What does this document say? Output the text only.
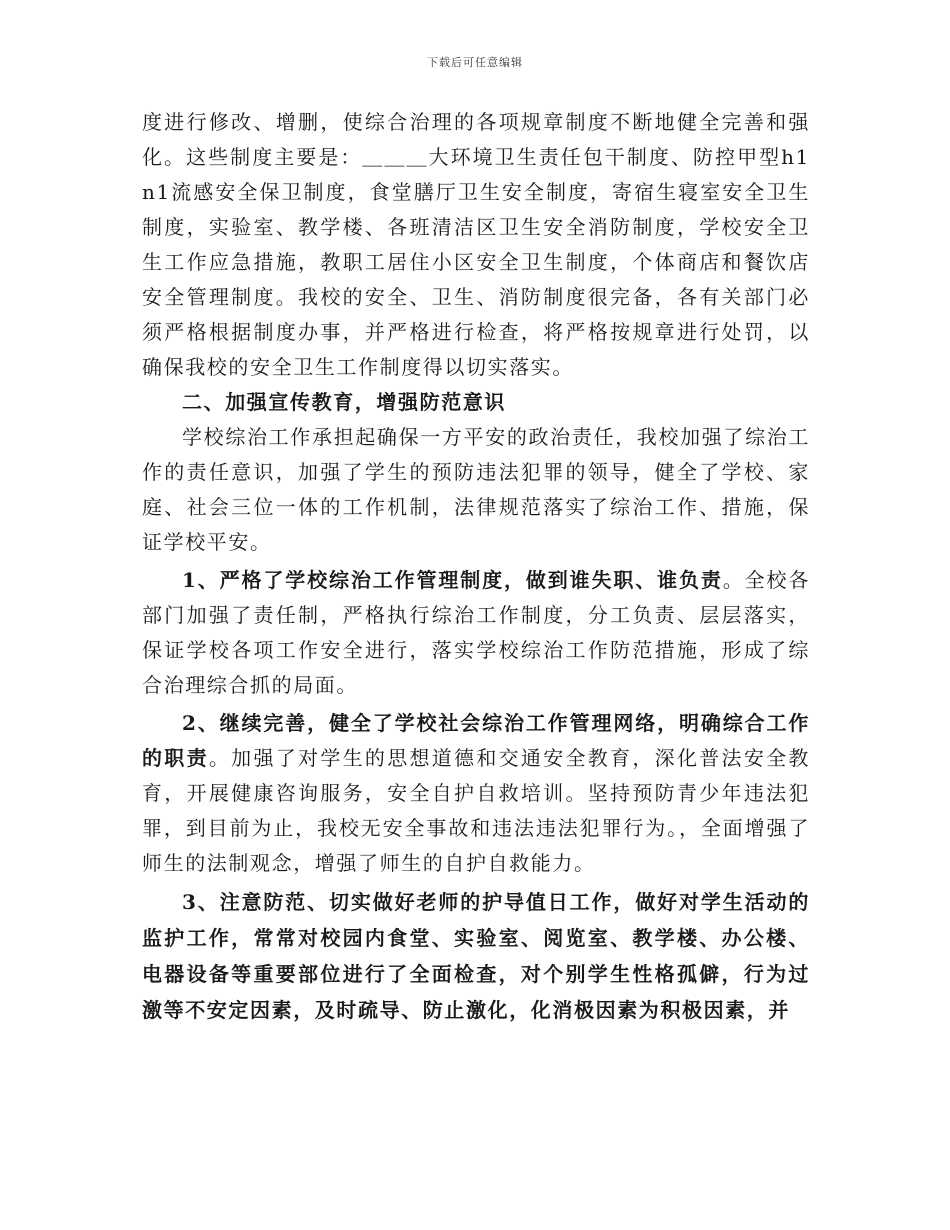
下载后可任意编辑

度进行修改、增删，使综合治理的各项规章制度不断地健全完善和强化。这些制度主要是：＿＿＿大环境卫生责任包干制度、防控甲型h1n1流感安全保卫制度，食堂膳厅卫生安全制度，寄宿生寝室安全卫生制度，实验室、教学楼、各班清洁区卫生安全消防制度，学校安全卫生工作应急措施，教职工居住小区安全卫生制度，个体商店和餐饮店安全管理制度。我校的安全、卫生、消防制度很完备，各有关部门必须严格根据制度办事，并严格进行检查，将严格按规章进行处罚，以确保我校的安全卫生工作制度得以切实落实。

二、加强宣传教育，增强防范意识

学校综治工作承担起确保一方平安的政治责任，我校加强了综治工作的责任意识，加强了学生的预防违法犯罪的领导，健全了学校、家庭、社会三位一体的工作机制，法律规范落实了综治工作、措施，保证学校平安。

1、严格了学校综治工作管理制度，做到谁失职、谁负责。全校各部门加强了责任制，严格执行综治工作制度，分工负责、层层落实，保证学校各项工作安全进行，落实学校综治工作防范措施，形成了综合治理综合抓的局面。

2、继续完善，健全了学校社会综治工作管理网络，明确综合工作的职责。加强了对学生的思想道德和交通安全教育，深化普法安全教育，开展健康咨询服务，安全自护自救培训。坚持预防青少年违法犯罪，到目前为止，我校无安全事故和违法违法犯罪行为。，全面增强了师生的法制观念，增强了师生的自护自救能力。

3、注意防范、切实做好老师的护导值日工作，做好对学生活动的监护工作，常常对校园内食堂、实验室、阅览室、教学楼、办公楼、电器设备等重要部位进行了全面检查，对个别学生性格孤僻，行为过激等不安定因素，及时疏导、防止激化，化消极因素为积极因素，并
